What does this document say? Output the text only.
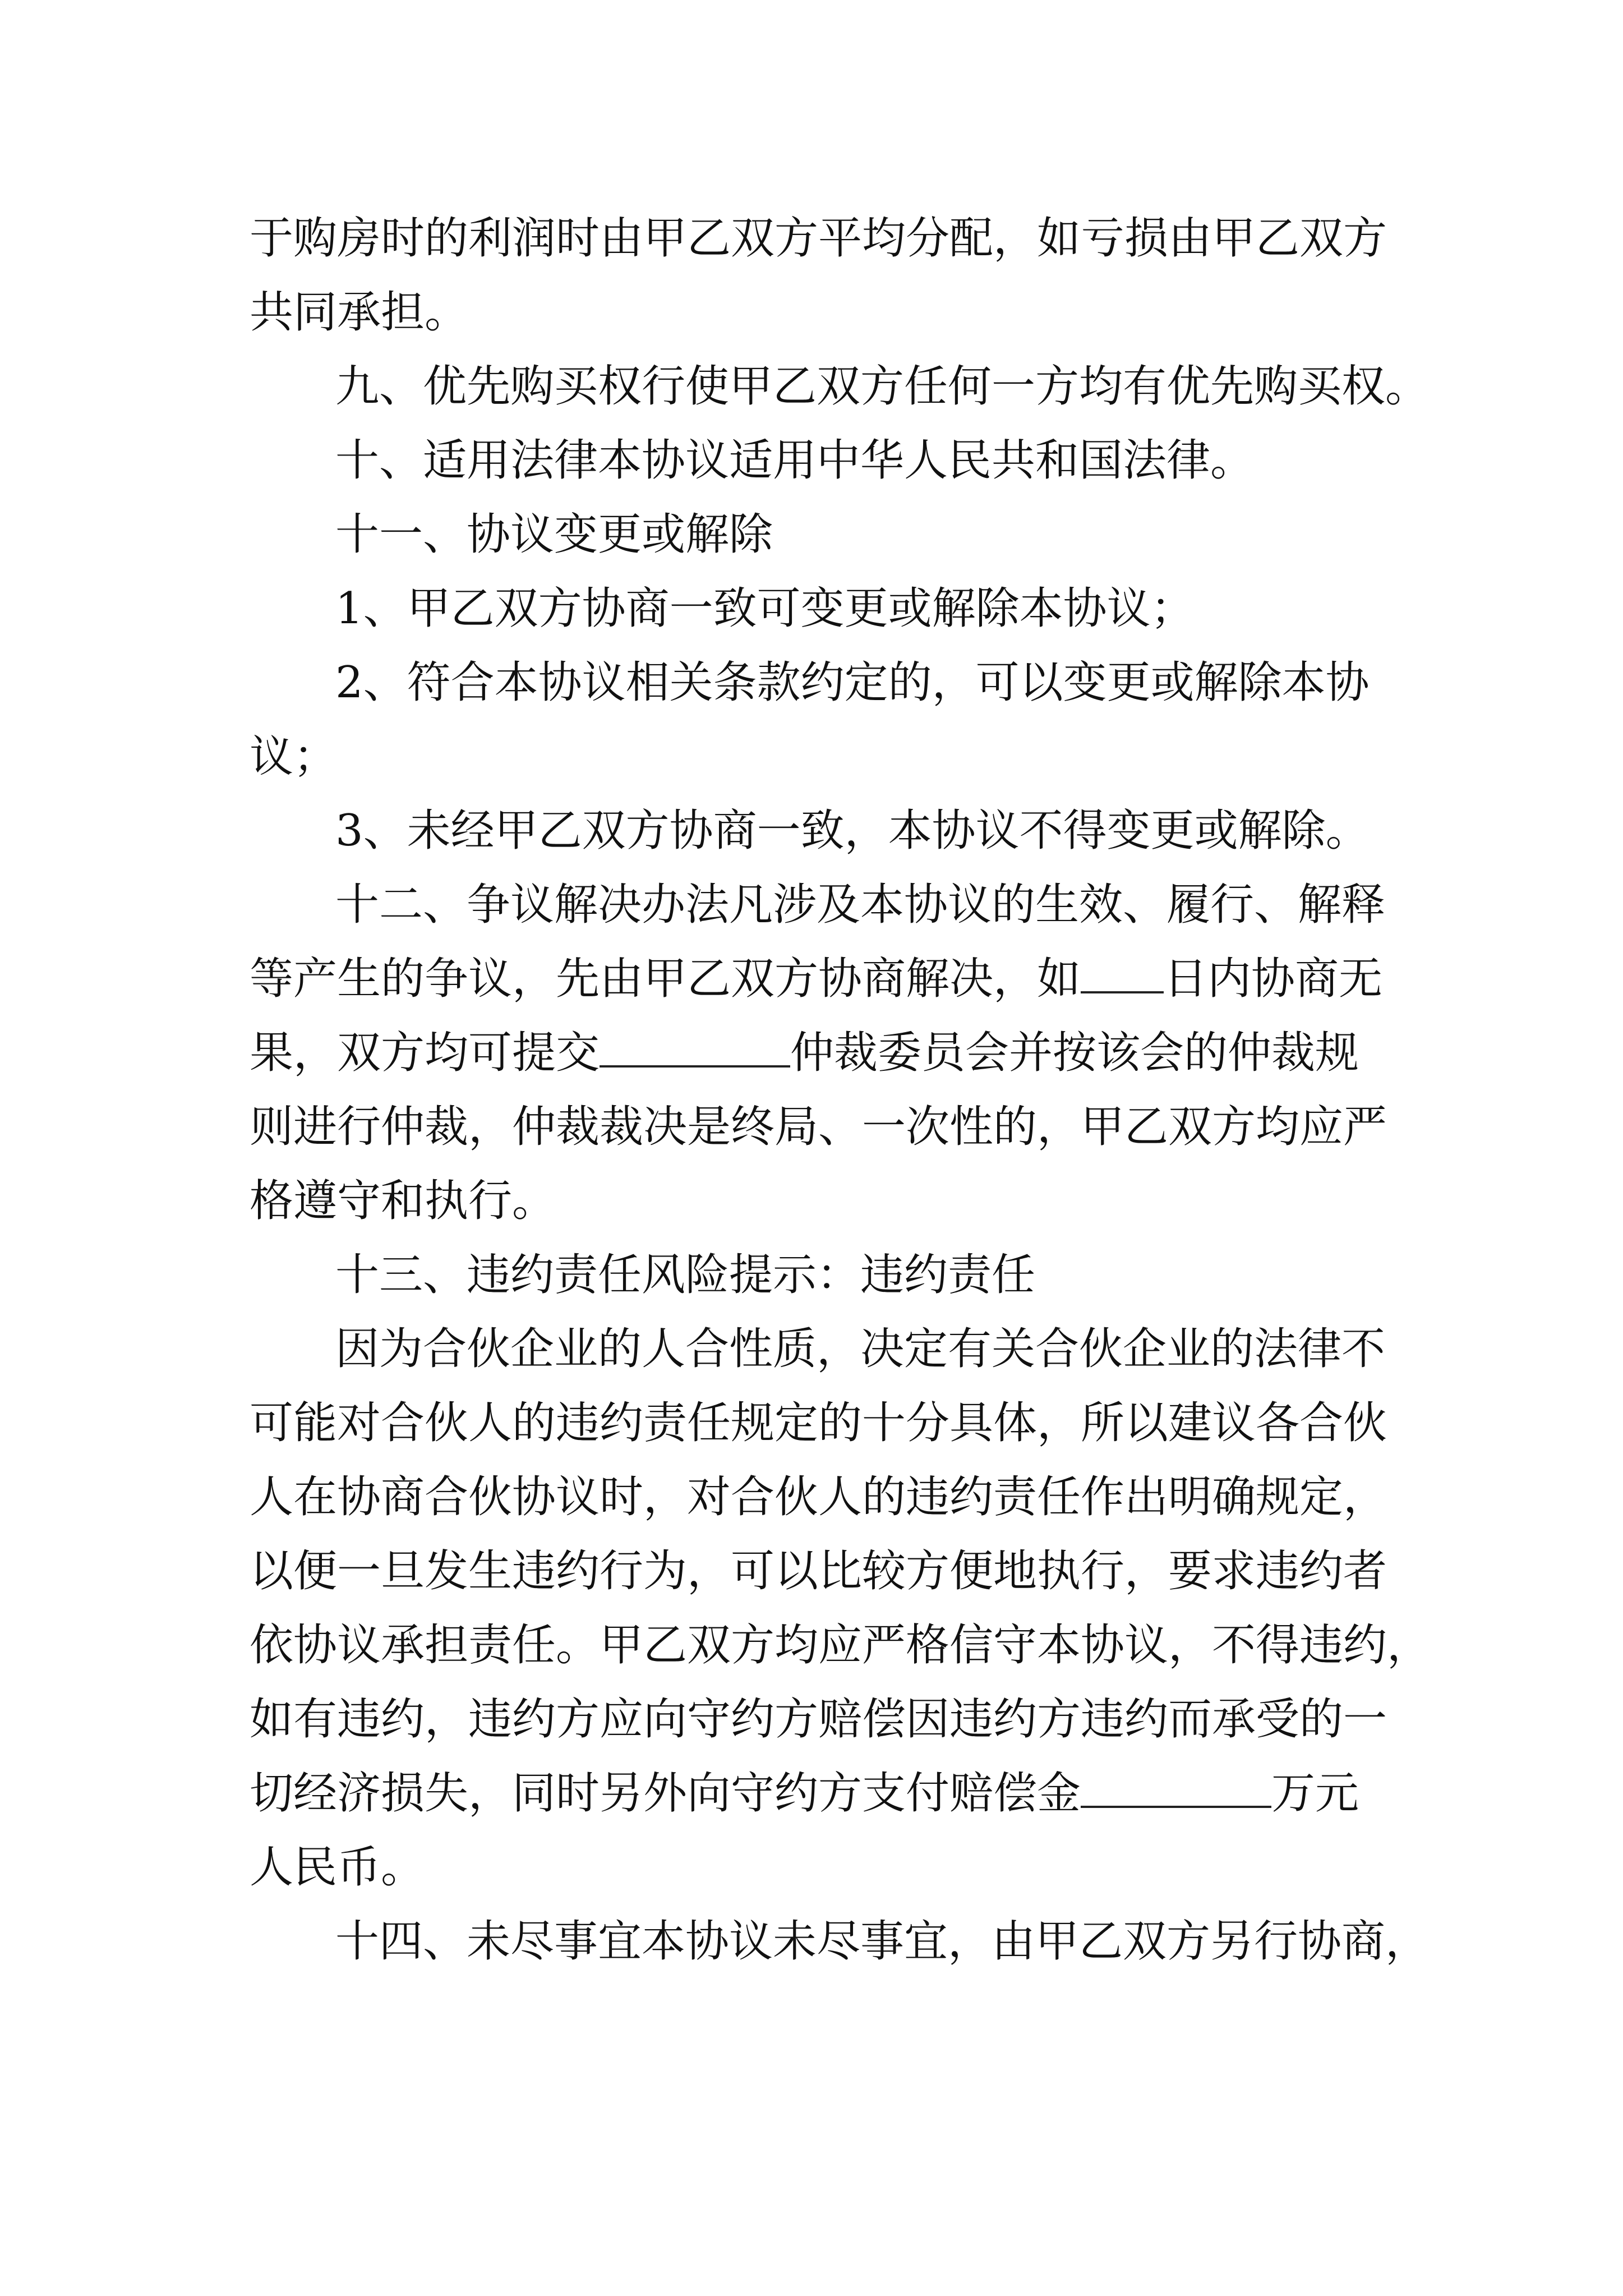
于购房时的利润时由甲乙双方平均分配，如亏损由甲乙双方
共同承担。
九、优先购买权行使甲乙双方任何一方均有优先购买权。
十、适用法律本协议适用中华人民共和国法律。
十一、协议变更或解除
1、甲乙双方协商一致可变更或解除本协议；
2、符合本协议相关条款约定的，可以变更或解除本协
议；
3、未经甲乙双方协商一致，本协议不得变更或解除。
十二、争议解决办法凡涉及本协议的生效、履行、解释
等产生的争议，先由甲乙双方协商解决，如 日内协商无
果，双方均可提交	仲裁委员会并按该会的仲裁规
则进行仲裁，仲裁裁决是终局、一次性的，甲乙双方均应严
格遵守和执行。
十三、违约责任风险提示：违约责任
因为合伙企业的人合性质，决定有关合伙企业的法律不
可能对合伙人的违约责任规定的十分具体，所以建议各合伙
人在协商合伙协议时，对合伙人的违约责任作出明确规定，
以便一旦发生违约行为，可以比较方便地执行，要求违约者
依协议承担责任。甲乙双方均应严格信守本协议，不得违约，
如有违约，违约方应向守约方赔偿因违约方违约而承受的一
切经济损失，同时另外向守约方支付赔偿金	万元
人民币。
十四、未尽事宜本协议未尽事宜，由甲乙双方另行协商，
